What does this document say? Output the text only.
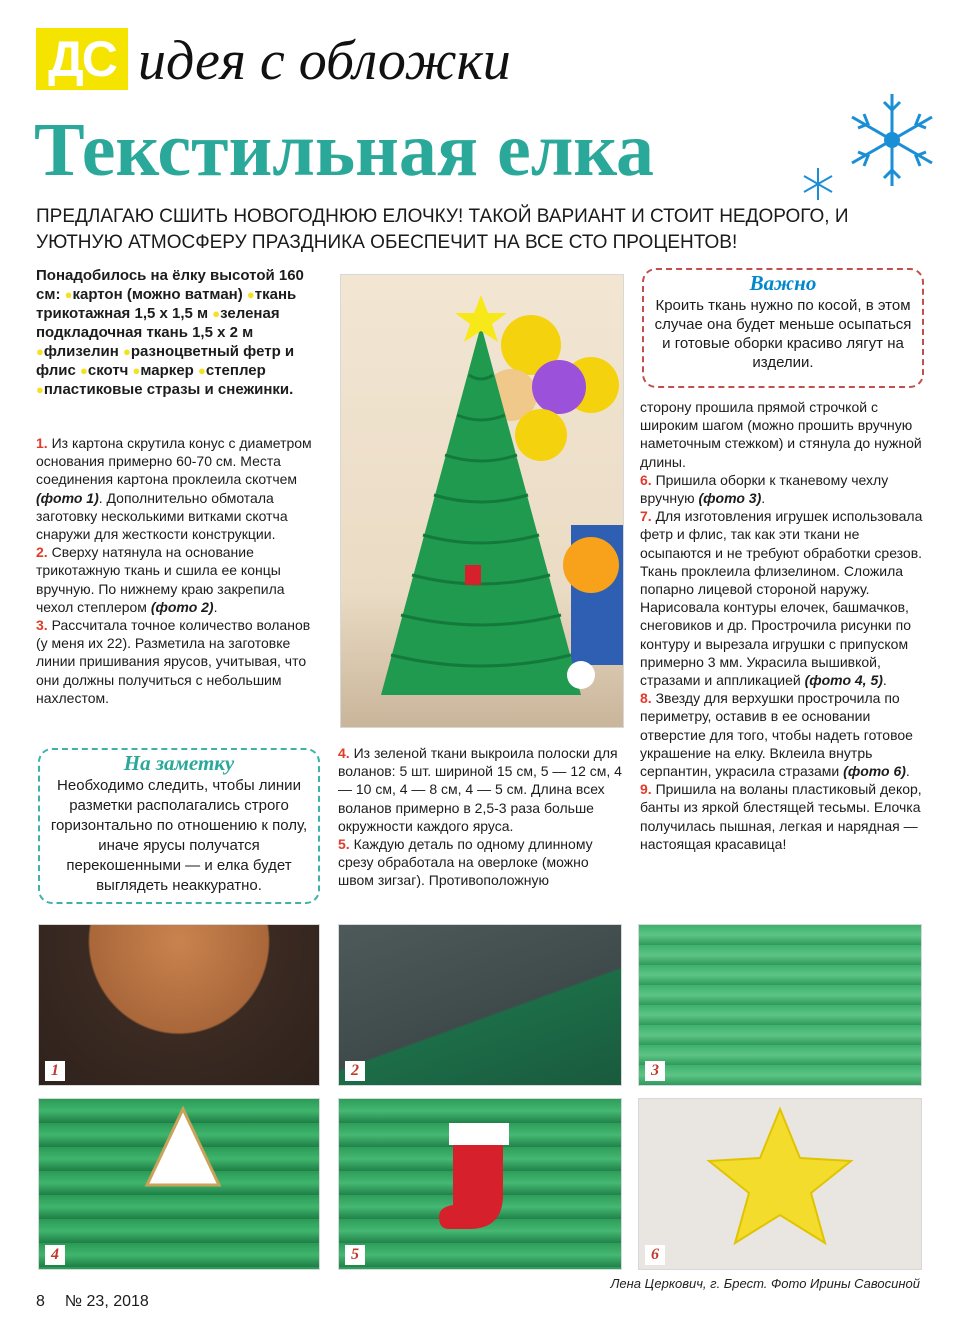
ДС идея с обложки
Текстильная елка
ПРЕДЛАГАЮ СШИТЬ НОВОГОДНЮЮ ЕЛОЧКУ! ТАКОЙ ВАРИАНТ И СТОИТ НЕДОРОГО, И УЮТНУЮ АТМОСФЕРУ ПРАЗДНИКА ОБЕСПЕЧИТ НА ВСЕ СТО ПРОЦЕНТОВ!
Понадобилось на ёлку высотой 160 см: ●картон (можно ватман) ●ткань трикотажная 1,5 х 1,5 м ●зеленая подкладочная ткань 1,5 х 2 м ●флизелин ●разноцветный фетр и флис ●скотч ●маркер ●степлер ●пластиковые стразы и снежинки.

1. Из картона скрутила конус с диаметром основания примерно 60-70 см. Места соединения картона проклеила скотчем (фото 1). Дополнительно обмотала заготовку несколькими витками скотча снаружи для жесткости конструкции.

2. Сверху натянула на основание трикотажную ткань и сшила ее концы вручную. По нижнему краю закрепила чехол степлером (фото 2).

3. Рассчитала точное количество воланов (у меня их 22). Разметила на заготовке линии пришивания ярусов, учитывая, что они должны получиться с небольшим нахлестом.

На заметку

Необходимо следить, чтобы линии разметки располагались строго горизонтально по отношению к полу, иначе ярусы получатся перекошенными — и елка будет выглядеть неаккуратно.

4. Из зеленой ткани выкроила полоски для воланов: 5 шт. шириной 15 см, 5 — 12 см, 4 — 10 см, 4 — 8 см, 4 — 5 см. Длина всех воланов примерно в 2,5-3 раза больше окружности каждого яруса.

5. Каждую деталь по одному длинному срезу обработала на оверлоке (можно швом зигзаг). Противоположную

Важно

Кроить ткань нужно по косой, в этом случае она будет меньше осыпаться и готовые оборки красиво лягут на изделии.

сторону прошила прямой строчкой с широким шагом (можно прошить вручную наметочным стежком) и стянула до нужной длины.

6. Пришила оборки к тканевому чехлу вручную (фото 3).

7. Для изготовления игрушек использовала фетр и флис, так как эти ткани не осыпаются и не требуют обработки срезов. Ткань проклеила флизелином. Сложила попарно лицевой стороной наружу. Нарисовала контуры елочек, башмачков, снеговиков и др. Прострочила рисунки по контуру и вырезала игрушки с припуском примерно 3 мм. Украсила вышивкой, стразами и аппликацией (фото 4, 5).

8. Звезду для верхушки прострочила по периметру, оставив в ее основании отверстие для того, чтобы надеть готовое украшение на елку. Вклеила внутрь серпантин, украсила стразами (фото 6).

9. Пришила на воланы пластиковый декор, банты из яркой блестящей тесьмы. Елочка получилась пышная, легкая и нарядная — настоящая красавица!

1	2	3
4	5	6
Лена Церкович, г. Брест. Фото Ирины Савосиной
8 № 23, 2018
